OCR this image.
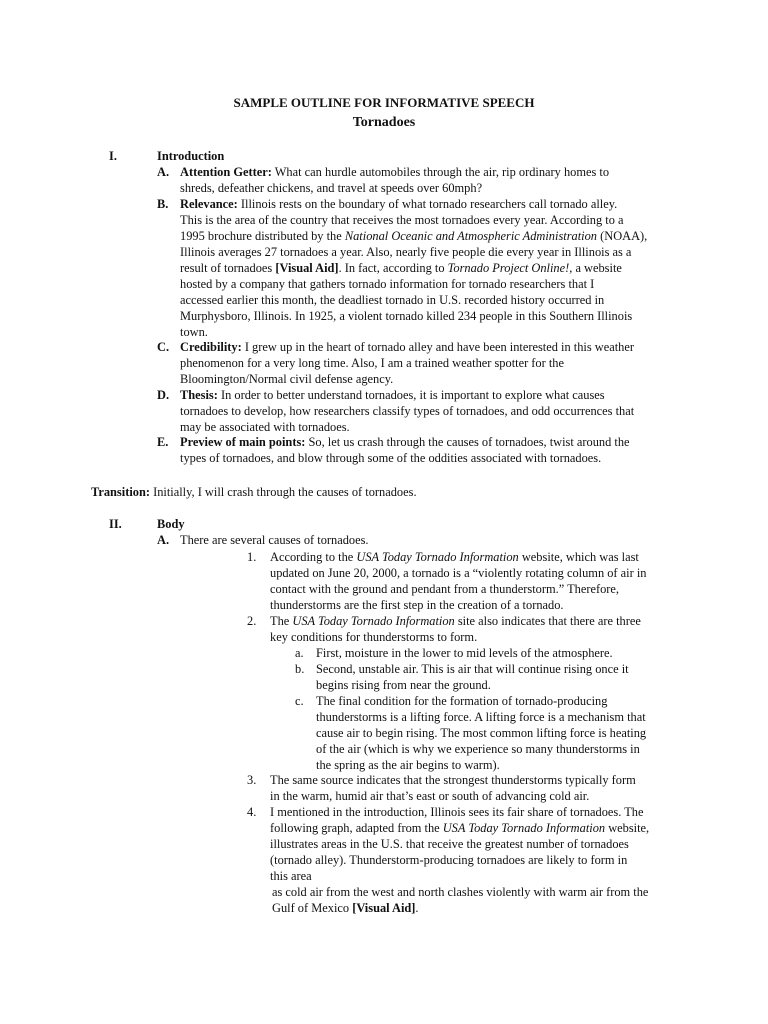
SAMPLE OUTLINE FOR INFORMATIVE SPEECH
Tornadoes
I.	Introduction
A. Attention Getter: What can hurdle automobiles through the air, rip ordinary homes to
shreds, defeather chickens, and travel at speeds over 60mph?
B. Relevance: Illinois rests on the boundary of what tornado researchers call tornado alley.
This is the area of the country that receives the most tornadoes every year. According to a
1995 brochure distributed by the National Oceanic and Atmospheric Administration (NOAA),
Illinois averages 27 tornadoes a year. Also, nearly five people die every year in Illinois as a
result of tornadoes [Visual Aid]. In fact, according to Tornado Project Online!, a website
hosted by a company that gathers tornado information for tornado researchers that I
accessed earlier this month, the deadliest tornado in U.S. recorded history occurred in
Murphysboro, Illinois. In 1925, a violent tornado killed 234 people in this Southern Illinois
town.
C. Credibility: I grew up in the heart of tornado alley and have been interested in this weather
phenomenon for a very long time. Also, I am a trained weather spotter for the
Bloomington/Normal civil defense agency.
D. Thesis: In order to better understand tornadoes, it is important to explore what causes
tornadoes to develop, how researchers classify types of tornadoes, and odd occurrences that
may be associated with tornadoes.
E. Preview of main points: So, let us crash through the causes of tornadoes, twist around the
types of tornadoes, and blow through some of the oddities associated with tornadoes.
Transition: Initially, I will crash through the causes of tornadoes.
II.	Body
A. There are several causes of tornadoes.
1. According to the USA Today Tornado Information website, which was last
updated on June 20, 2000, a tornado is a “violently rotating column of air in
contact with the ground and pendant from a thunderstorm.” Therefore,
thunderstorms are the first step in the creation of a tornado.
2. The USA Today Tornado Information site also indicates that there are three
key conditions for thunderstorms to form.
a. First, moisture in the lower to mid levels of the atmosphere.
b. Second, unstable air. This is air that will continue rising once it
begins rising from near the ground.
c. The final condition for the formation of tornado-producing
thunderstorms is a lifting force. A lifting force is a mechanism that
cause air to begin rising. The most common lifting force is heating
of the air (which is why we experience so many thunderstorms in
the spring as the air begins to warm).
3. The same source indicates that the strongest thunderstorms typically form
in the warm, humid air that’s east or south of advancing cold air.
4. I mentioned in the introduction, Illinois sees its fair share of tornadoes. The
following graph, adapted from the USA Today Tornado Information website,
illustrates areas in the U.S. that receive the greatest number of tornadoes
(tornado alley). Thunderstorm-producing tornadoes are likely to form in
this area
as cold air from the west and north clashes violently with warm air from the
Gulf of Mexico [Visual Aid].
